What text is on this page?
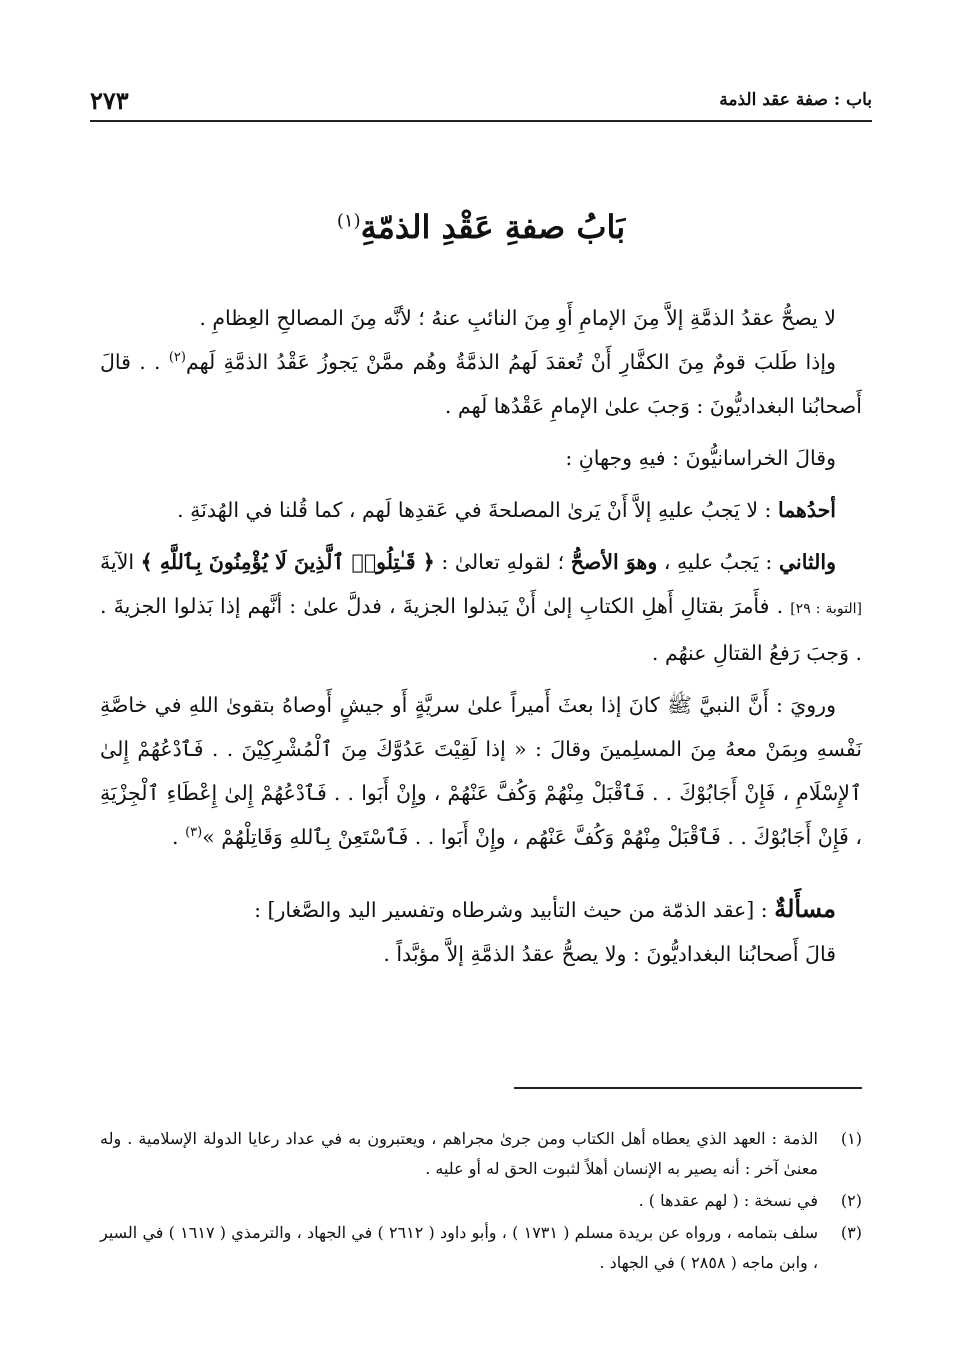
٢٧٣	باب : صفة عقد الذمة
بَابُ صفةِ عَقْدِ الذمّةِ$^{(١)}$

لا يصحُّ عقدُ الذمَّةِ إلاَّ مِنَ الإمامِ أَوِ مِنَ النائبِ عنهُ ؛ لأنَّه مِنَ المصالحِ العِظامِ .

وإذا طَلبَ قومٌ مِنَ الكفَّارِ أَنْ تُعقدَ لَهمُ الذمَّةُ وهُم ممَّنْ يَجوزُ عَقْدُ الذمَّةِ لَهم$^{(٢)}$ . . قالَ أَصحابُنا البغداديُّونَ : وَجبَ علىٰ الإمامِ عَقْدُها لَهم .

وقالَ الخراسانيُّونَ : فيهِ وجهانِ :

أحدُهما : لا يَجبُ عليهِ إلاَّ أَنْ يَرىٰ المصلحةَ في عَقدِها لَهم ، كما قُلنا في الهُدنَةِ .

والثاني : يَجبُ عليهِ ، وهوَ الأصحُّ ؛ لقولهِ تعالىٰ : ﴿ قَـٰتِلُوا۟ ٱلَّذِينَ لَا يُؤْمِنُونَ بِٱللَّهِ ﴾ الآيةَ [التوبة : ٢٩] . فأَمرَ بقتالِ أَهلِ الكتابِ إلىٰ أَنْ يَبذلوا الجزيةَ ، فدلَّ علىٰ : أنَّهم إذا بَذلوا الجزيةَ . . وَجبَ رَفعُ القتالِ عنهُم .

ورويَ : أَنَّ النبيَّ ﷺ كانَ إذا بعثَ أَميراً علىٰ سريَّةٍ أَو جيشٍ أَوصاهُ بتقوىٰ اللهِ في خاصَّةِ نَفْسهِ وبِمَنْ معهُ مِنَ المسلِمينَ وقالَ : « إذا لَقِيْتَ عَدُوَّكَ مِنَ ٱلْمُشْرِكِيْنَ . . فَٱدْعُهُمْ إِلىٰ ٱلإِسْلَامِ ، فَإِنْ أَجَابُوْكَ . . فَٱقْبَلْ مِنْهُمْ وَكُفَّ عَنْهُمْ ، وإِنْ أَبَوا . . فَٱدْعُهُمْ إِلىٰ إِعْطَاءِ ٱلْجِزْيَةِ ، فَإِنْ أَجَابُوْكَ . . فَٱقْبَلْ مِنْهُمْ وَكُفَّ عَنْهُم ، وإِنْ أَبَوا . . فَٱسْتَعِنْ بِٱللهِ وَقَاتِلْهُمْ »$^{(٣)}$ .

مسأَلةٌ : [عقد الذمّة من حيث التأبيد وشرطاه وتفسير اليد والصَّغار] :

قالَ أَصحابُنا البغداديُّونَ : ولا يصحُّ عقدُ الذمَّةِ إلاَّ مؤبَّداً .

(١)
الذمة : العهد الذي يعطاه أهل الكتاب ومن جرىٰ مجراهم ، ويعتبرون به في عداد رعايا الدولة الإسلامية . وله معنىٰ آخر : أنه يصير به الإنسان أهلاً لثبوت الحق له أو عليه .
(٢)
في نسخة : ( لهم عقدها ) .
(٣)
سلف بتمامه ، ورواه عن بريدة مسلم ( ١٧٣١ ) ، وأبو داود ( ٢٦١٢ ) في الجهاد ، والترمذي ( ١٦١٧ ) في السير ، وابن ماجه ( ٢٨٥٨ ) في الجهاد .
